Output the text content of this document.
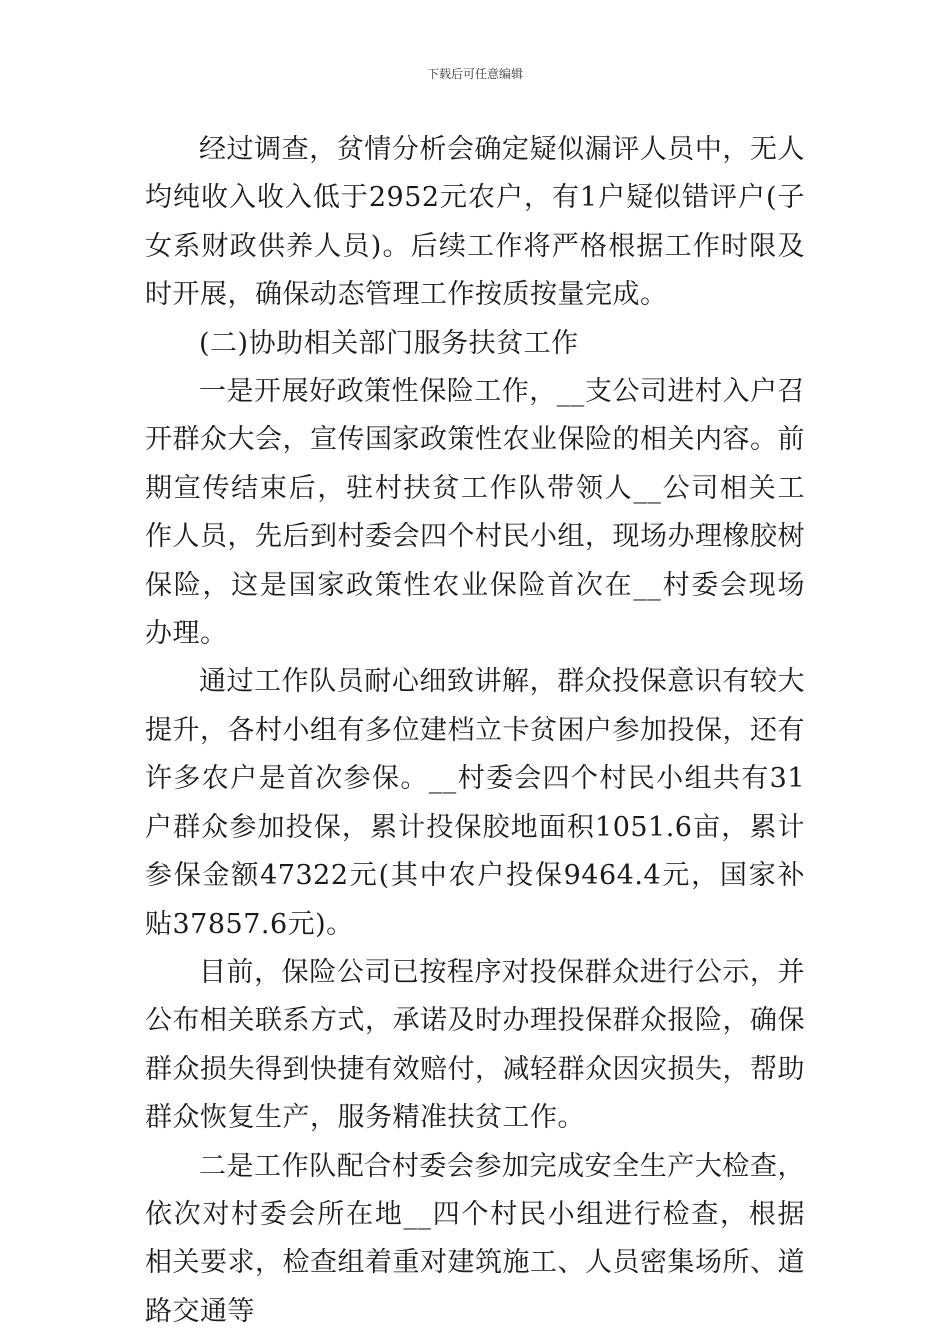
下载后可任意编辑

经过调查，贫情分析会确定疑似漏评人员中，无人均纯收入收入低于2952元农户，有1户疑似错评户(子女系财政供养人员)。后续工作将严格根据工作时限及时开展，确保动态管理工作按质按量完成。

(二)协助相关部门服务扶贫工作

一是开展好政策性保险工作，__支公司进村入户召开群众大会，宣传国家政策性农业保险的相关内容。前期宣传结束后，驻村扶贫工作队带领人__公司相关工作人员，先后到村委会四个村民小组，现场办理橡胶树保险，这是国家政策性农业保险首次在__村委会现场办理。

通过工作队员耐心细致讲解，群众投保意识有较大提升，各村小组有多位建档立卡贫困户参加投保，还有许多农户是首次参保。__村委会四个村民小组共有31户群众参加投保，累计投保胶地面积1051.6亩，累计参保金额47322元(其中农户投保9464.4元，国家补贴37857.6元)。

目前，保险公司已按程序对投保群众进行公示，并公布相关联系方式，承诺及时办理投保群众报险，确保群众损失得到快捷有效赔付，减轻群众因灾损失，帮助群众恢复生产，服务精准扶贫工作。

二是工作队配合村委会参加完成安全生产大检查，依次对村委会所在地__四个村民小组进行检查，根据相关要求，检查组着重对建筑施工、人员密集场所、道路交通等
